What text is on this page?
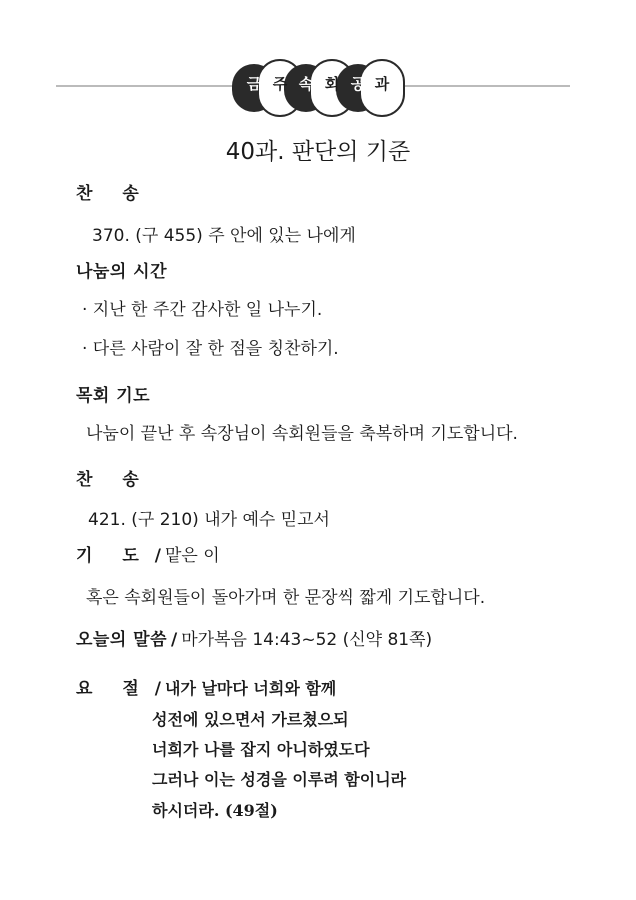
금 주 속 회 공 과
40과. 판단의 기준
찬 송
370. (구 455) 주 안에 있는 나에게
나눔의 시간
· 지난 한 주간 감사한 일 나누기.
· 다른 사람이 잘 한 점을 칭찬하기.
목회 기도
나눔이 끝난 후 속장님이 속회원들을 축복하며 기도합니다.
찬 송
421. (구 210) 내가 예수 믿고서
기 도 / 맡은 이
혹은 속회원들이 돌아가며 한 문장씩 짧게 기도합니다.
오늘의 말씀 / 마가복음 14:43~52 (신약 81쪽)
요 절 / 내가 날마다 너희와 함께
성전에 있으면서 가르쳤으되
너희가 나를 잡지 아니하였도다
그러나 이는 성경을 이루려 함이니라
하시더라. (49절)
